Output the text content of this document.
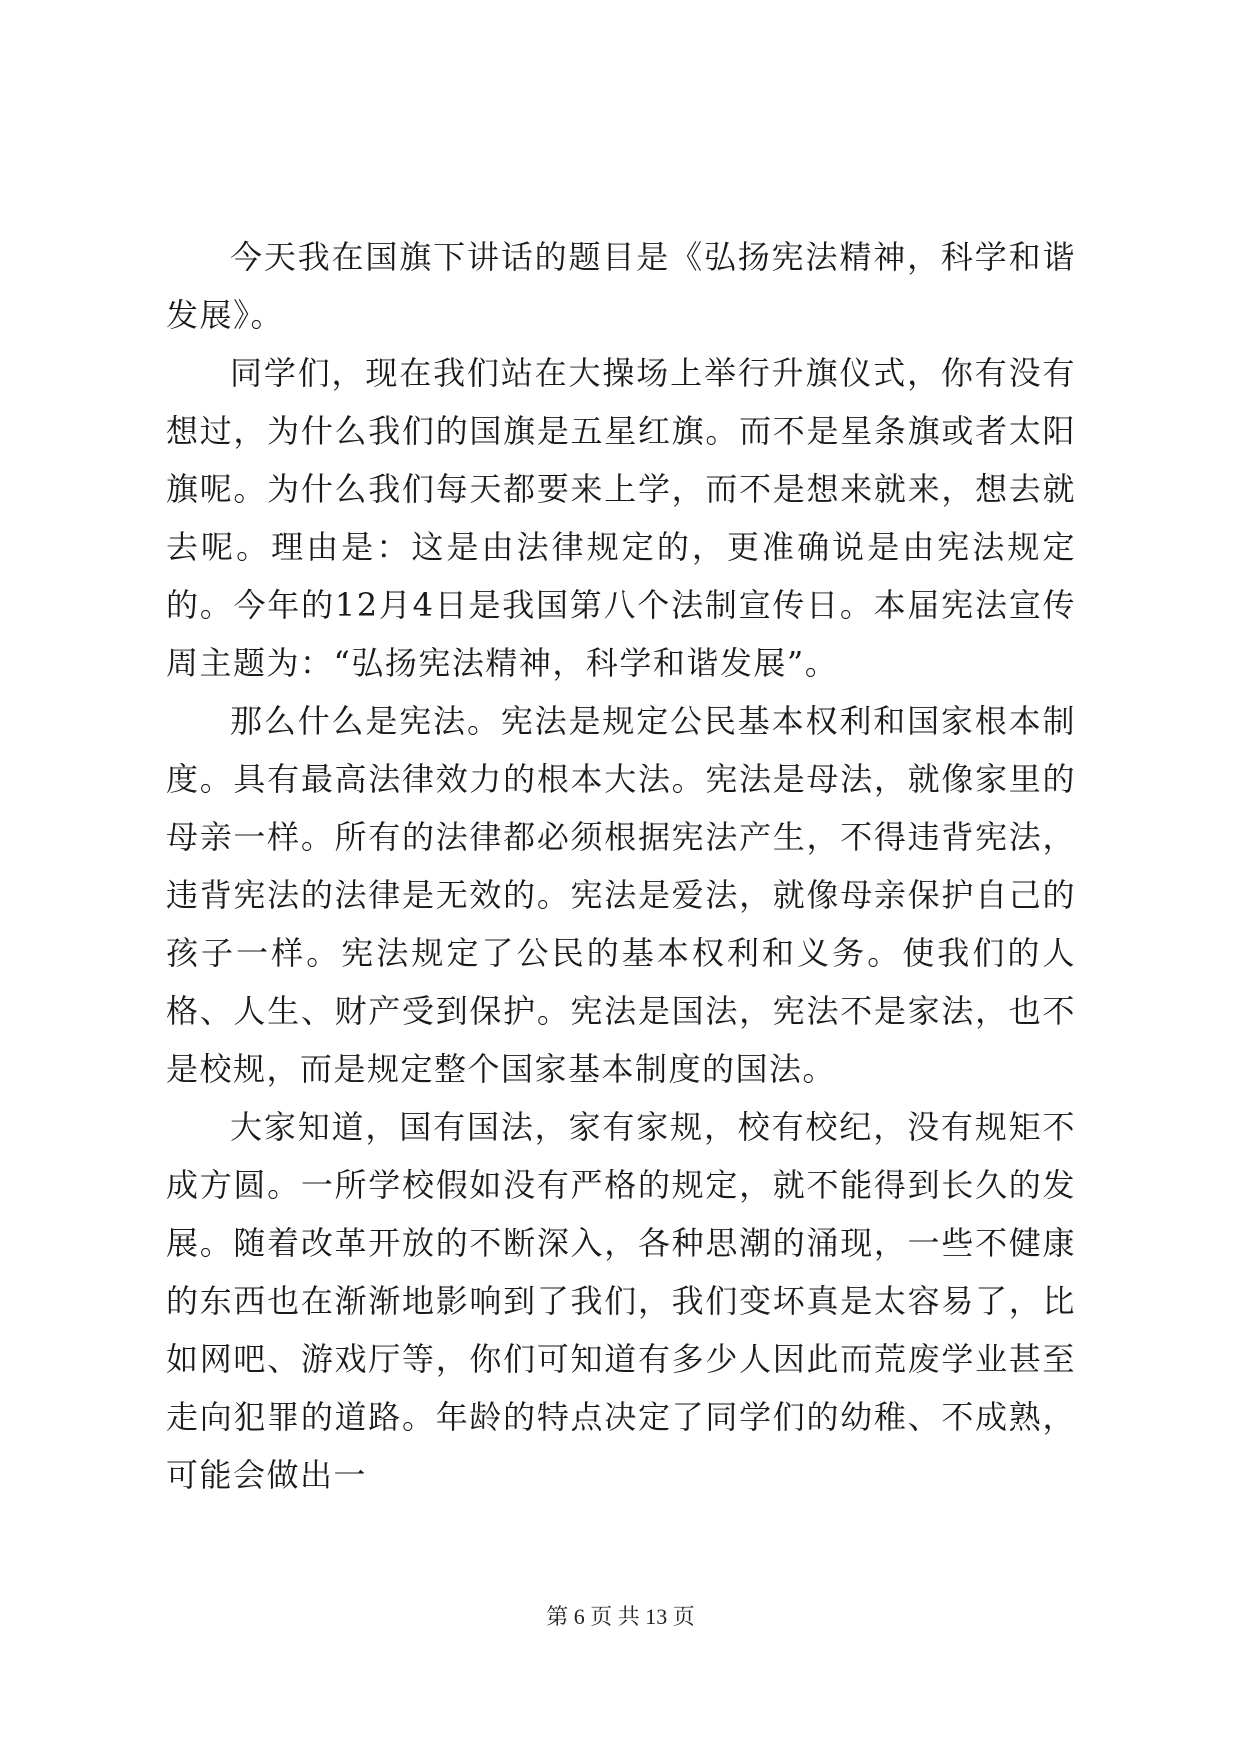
今天我在国旗下讲话的题目是《弘扬宪法精神，科学和谐发展》。

同学们，现在我们站在大操场上举行升旗仪式，你有没有想过，为什么我们的国旗是五星红旗。而不是星条旗或者太阳旗呢。为什么我们每天都要来上学，而不是想来就来，想去就去呢。理由是：这是由法律规定的，更准确说是由宪法规定的。今年的12月4日是我国第八个法制宣传日。本届宪法宣传周主题为：“弘扬宪法精神，科学和谐发展”。

那么什么是宪法。宪法是规定公民基本权利和国家根本制度。具有最高法律效力的根本大法。宪法是母法，就像家里的母亲一样。所有的法律都必须根据宪法产生，不得违背宪法，违背宪法的法律是无效的。宪法是爱法，就像母亲保护自己的孩子一样。宪法规定了公民的基本权利和义务。使我们的人格、人生、财产受到保护。宪法是国法，宪法不是家法，也不是校规，而是规定整个国家基本制度的国法。

大家知道，国有国法，家有家规，校有校纪，没有规矩不成方圆。一所学校假如没有严格的规定，就不能得到长久的发展。随着改革开放的不断深入，各种思潮的涌现，一些不健康的东西也在渐渐地影响到了我们，我们变坏真是太容易了，比如网吧、游戏厅等，你们可知道有多少人因此而荒废学业甚至走向犯罪的道路。年龄的特点决定了同学们的幼稚、不成熟，可能会做出一

第 6 页 共 13 页
